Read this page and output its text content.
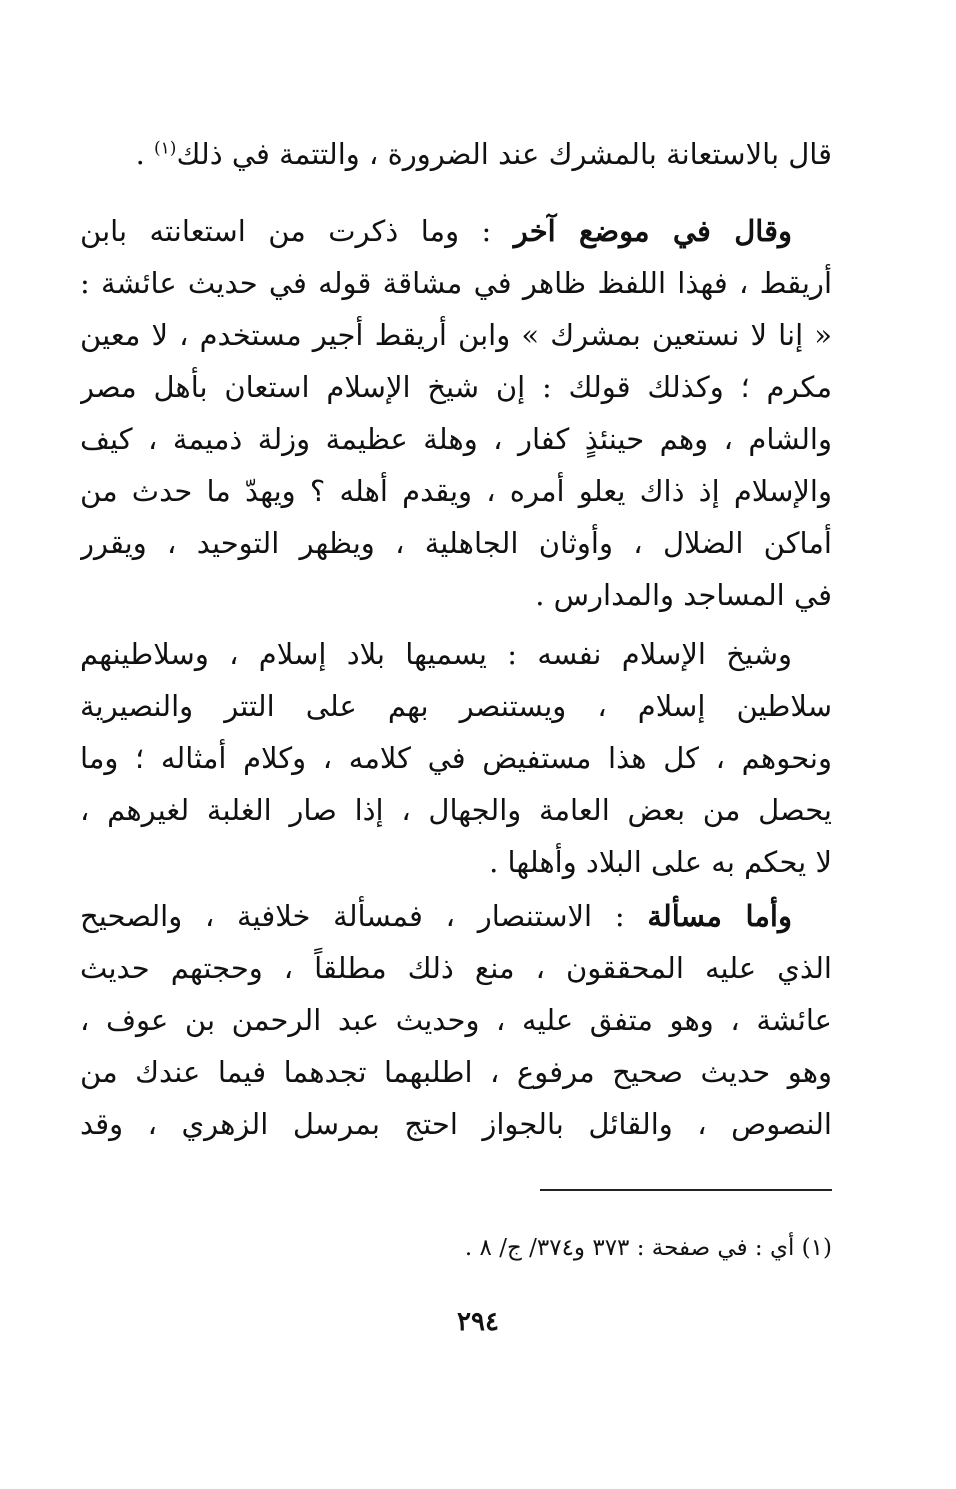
قال بالاستعانة بالمشرك عند الضرورة ، والتتمة في ذلك$^{(١)}$ .
وقال في موضع آخر : وما ذكرت من استعانته بابن
أريقط ، فهذا اللفظ ظاهر في مشاقة قوله في حديث عائشة :
« إنا لا نستعين بمشرك » وابن أريقط أجير مستخدم ، لا معين
مكرم ؛ وكذلك قولك : إن شيخ الإسلام استعان بأهل مصر
والشام ، وهم حينئذٍ كفار ، وهلة عظيمة وزلة ذميمة ، كيف
والإسلام إذ ذاك يعلو أمره ، ويقدم أهله ؟ ويهدّ ما حدث من
أماكن الضلال ، وأوثان الجاهلية ، ويظهر التوحيد ، ويقرر
في المساجد والمدارس .
وشيخ الإسلام نفسه : يسميها بلاد إسلام ، وسلاطينهم
سلاطين إسلام ، ويستنصر بهم على التتر والنصيرية
ونحوهم ، كل هذا مستفيض في كلامه ، وكلام أمثاله ؛ وما
يحصل من بعض العامة والجهال ، إذا صار الغلبة لغيرهم ،
لا يحكم به على البلاد وأهلها .
وأما مسألة : الاستنصار ، فمسألة خلافية ، والصحيح
الذي عليه المحققون ، منع ذلك مطلقاً ، وحجتهم حديث
عائشة ، وهو متفق عليه ، وحديث عبد الرحمن بن عوف ،
وهو حديث صحيح مرفوع ، اطلبهما تجدهما فيما عندك من
النصوص ، والقائل بالجواز احتج بمرسل الزهري ، وقد
(١) أي : في صفحة : ٣٧٣ و٣٧٤/ ج/ ٨ .
٢٩٤
